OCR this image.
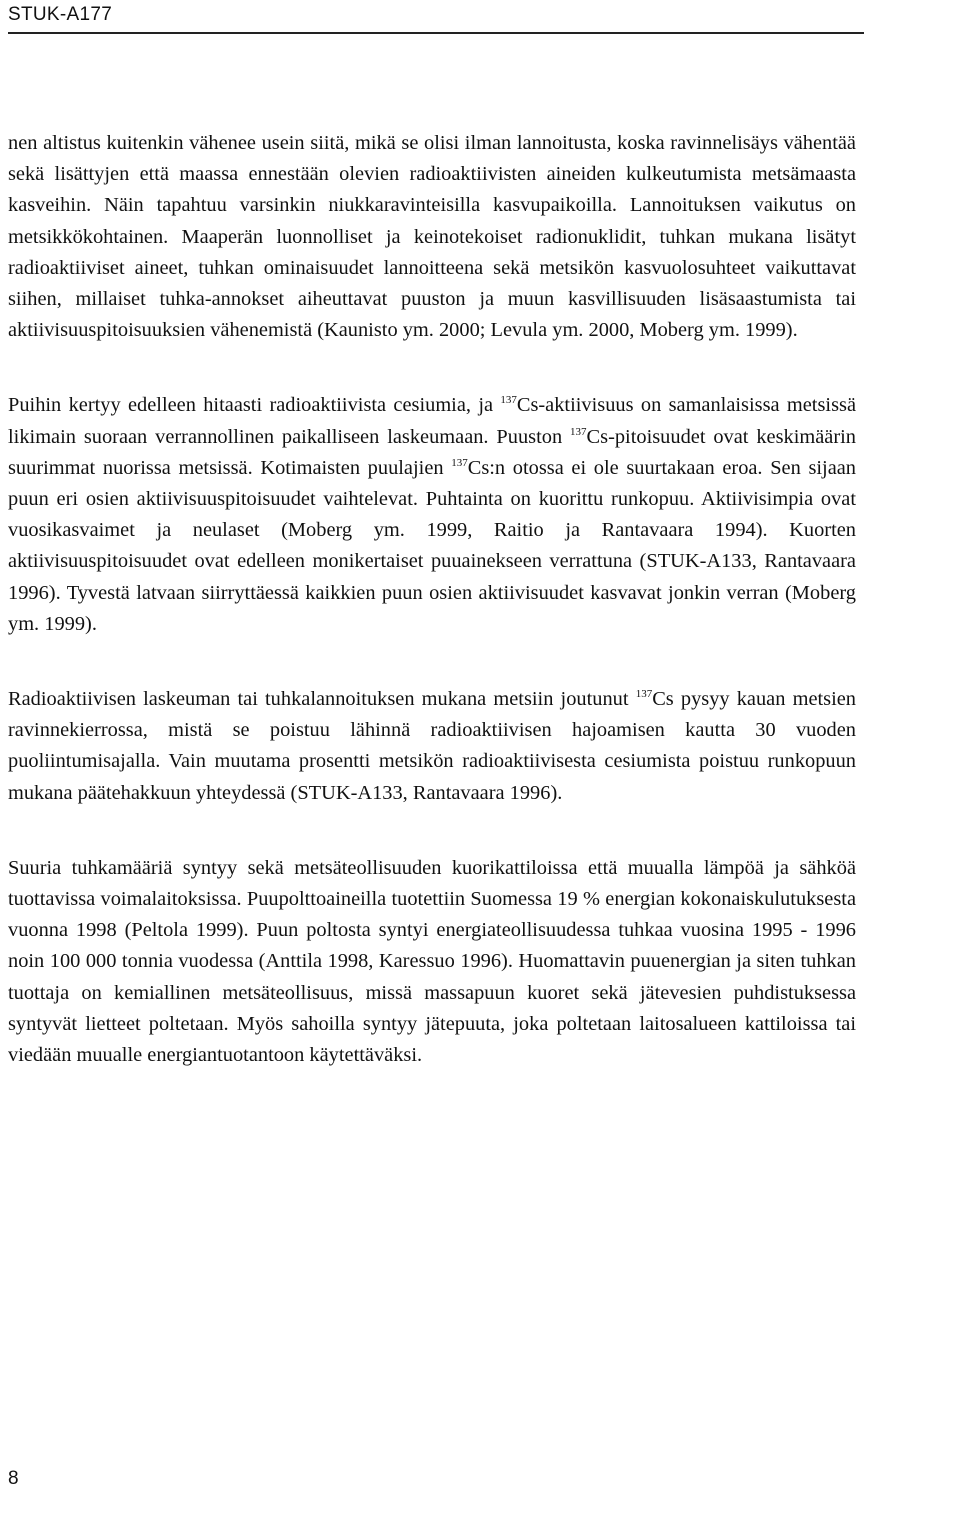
STUK-A177

nen altistus kuitenkin vähenee usein siitä, mikä se olisi ilman lannoitusta, koska ravinnelisäys vähentää sekä lisättyjen että maassa ennestään olevien radioaktiivisten aineiden kulkeutumista metsämaasta kasveihin. Näin tapahtuu varsinkin niukkaravinteisilla kasvupaikoilla. Lannoituksen vaikutus on metsikkökohtainen. Maaperän luonnolliset ja keinotekoiset radionuklidit, tuhkan mukana lisätyt radioaktiiviset aineet, tuhkan ominaisuudet lannoitteena sekä metsikön kasvuolosuhteet vaikuttavat siihen, millaiset tuhka-annokset aiheuttavat puuston ja muun kasvillisuuden lisäsaastumista tai aktiivisuuspitoisuuksien vähenemistä (Kaunisto ym. 2000; Levula ym. 2000, Moberg ym. 1999).

Puihin kertyy edelleen hitaasti radioaktiivista cesiumia, ja $^{137}$Cs-aktiivisuus on samanlaisissa metsissä likimain suoraan verrannollinen paikalliseen laskeumaan. Puuston $^{137}$Cs-pitoisuudet ovat keskimäärin suurimmat nuorissa metsissä. Kotimaisten puulajien $^{137}$Cs:n otossa ei ole suurtakaan eroa. Sen sijaan puun eri osien aktiivisuuspitoisuudet vaihtelevat. Puhtainta on kuorittu runkopuu. Aktiivisimpia ovat vuosikasvaimet ja neulaset (Moberg ym. 1999, Raitio ja Rantavaara 1994). Kuorten aktiivisuuspitoisuudet ovat edelleen monikertaiset puuainekseen verrattuna (STUK-A133, Rantavaara 1996). Tyvestä latvaan siirryttäessä kaikkien puun osien aktiivisuudet kasvavat jonkin verran (Moberg ym. 1999).

Radioaktiivisen laskeuman tai tuhkalannoituksen mukana metsiin joutunut $^{137}$Cs pysyy kauan metsien ravinnekierrossa, mistä se poistuu lähinnä radioaktiivisen hajoamisen kautta 30 vuoden puoliintumisajalla. Vain muutama prosentti metsikön radioaktiivisesta cesiumista poistuu runkopuun mukana päätehakkuun yhteydessä (STUK-A133, Rantavaara 1996).

Suuria tuhkamääriä syntyy sekä metsäteollisuuden kuorikattiloissa että muualla lämpöä ja sähköä tuottavissa voimalaitoksissa. Puupolttoaineilla tuotettiin Suomessa 19 % energian kokonaiskulutuksesta vuonna 1998 (Peltola 1999). Puun poltosta syntyi energiateollisuudessa tuhkaa vuosina 1995 - 1996 noin 100 000 tonnia vuodessa (Anttila 1998, Karessuo 1996). Huomattavin puuenergian ja siten tuhkan tuottaja on kemiallinen metsäteollisuus, missä massapuun kuoret sekä jätevesien puhdistuksessa syntyvät lietteet poltetaan. Myös sahoilla syntyy jätepuuta, joka poltetaan laitosalueen kattiloissa tai viedään muualle energiantuotantoon käytettäväksi.

8
